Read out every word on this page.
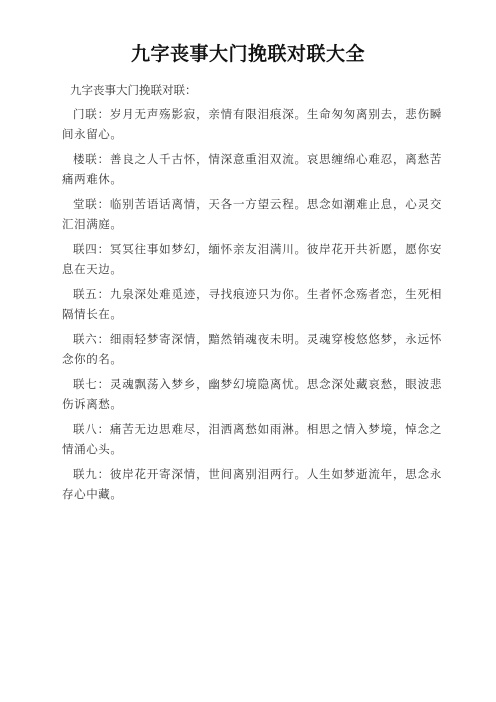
九字丧事大门挽联对联大全

九字丧事大门挽联对联：

门联：岁月无声殇影寂，亲情有限泪痕深。生命匆匆离别去，悲伤瞬间永留心。

楼联：善良之人千古怀，情深意重泪双流。哀思缠绵心难忍，离愁苦痛两难休。

堂联：临别苦语话离情，天各一方望云程。思念如潮难止息，心灵交汇泪满庭。

联四：冥冥往事如梦幻，缅怀亲友泪满川。彼岸花开共祈愿，愿你安息在天边。

联五：九泉深处难觅迹，寻找痕迹只为你。生者怀念殇者恋，生死相隔情长在。

联六：细雨轻梦寄深情，黯然销魂夜未明。灵魂穿梭悠悠梦，永远怀念你的名。

联七：灵魂飘荡入梦乡，幽梦幻境隐离忧。思念深处藏哀愁，眼波悲伤诉离愁。

联八：痛苦无边思难尽，泪洒离愁如雨淋。相思之情入梦境，悼念之情涌心头。

联九：彼岸花开寄深情，世间离别泪两行。人生如梦逝流年，思念永存心中藏。
